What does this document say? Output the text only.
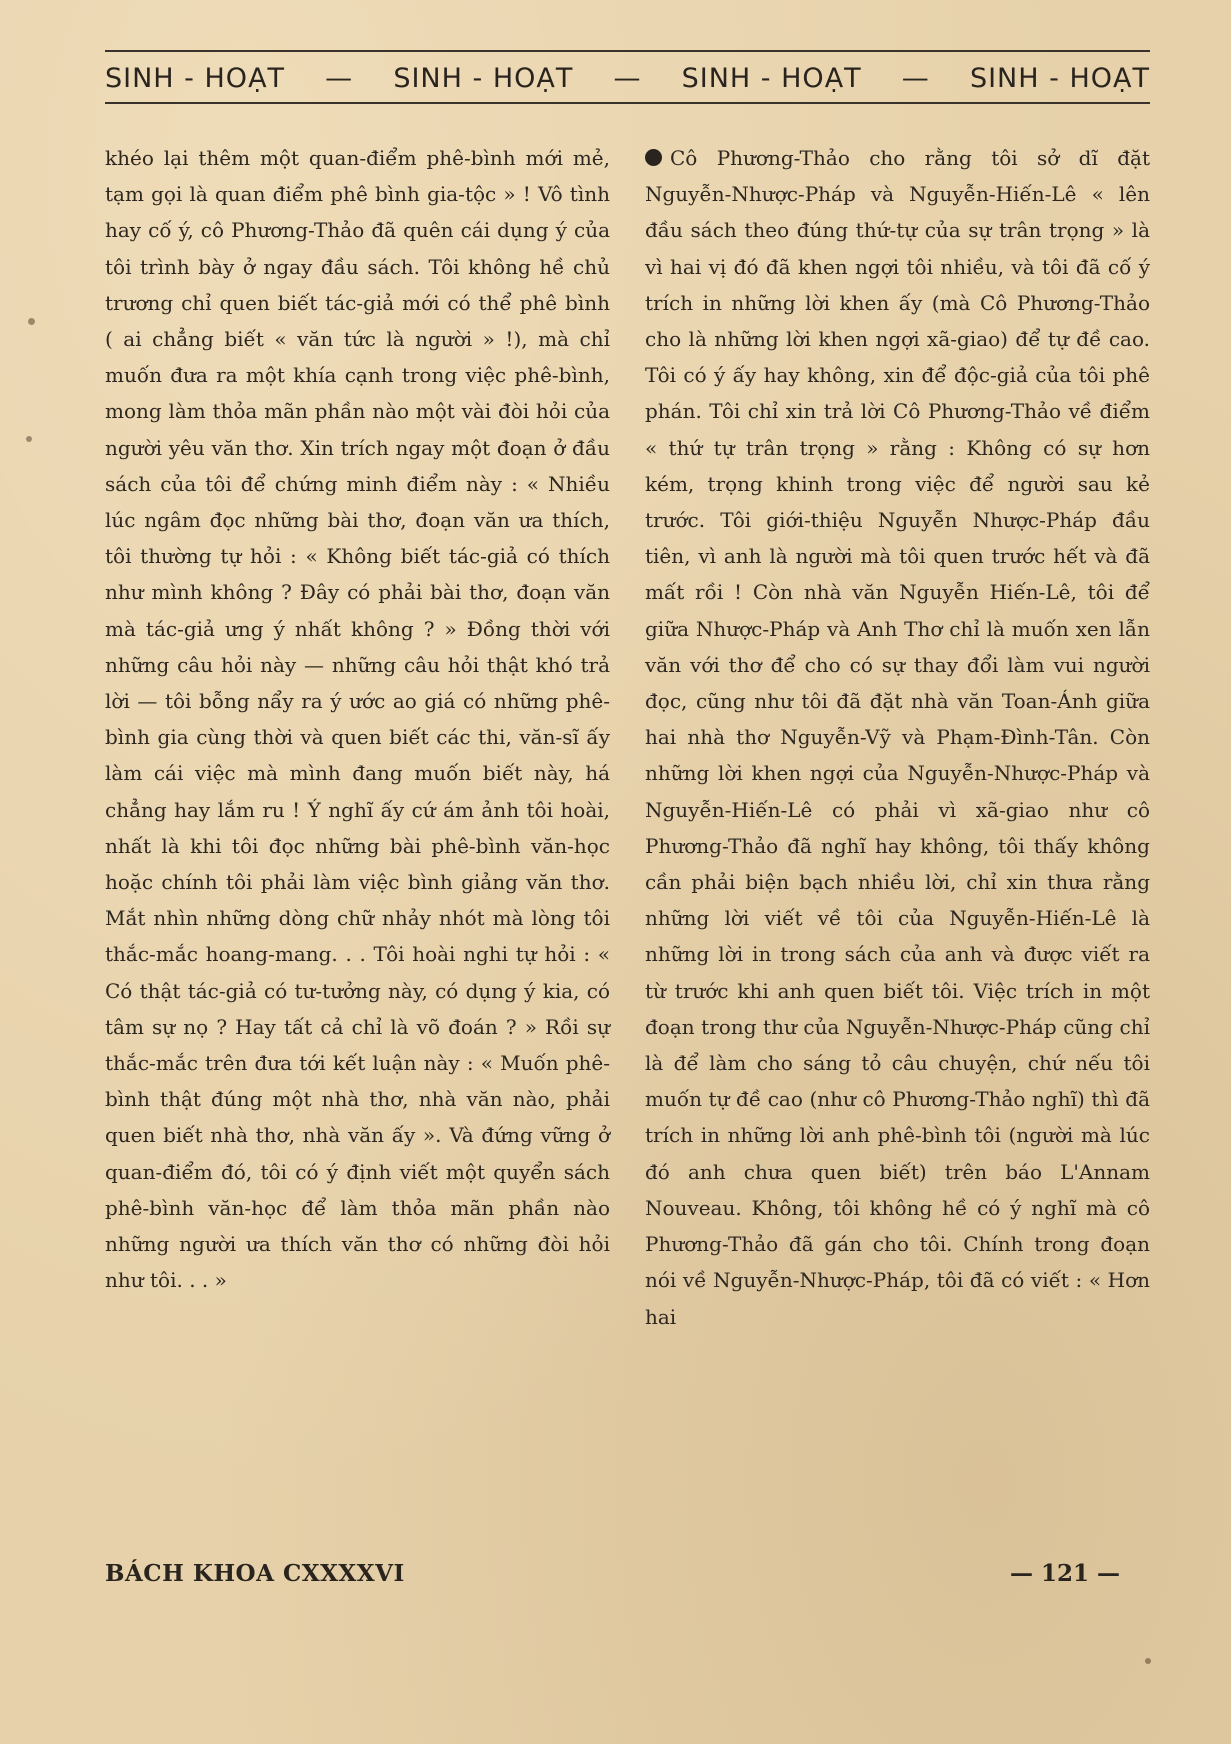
SINH - HOẠT — SINH - HOẠT — SINH - HOẠT — SINH - HOẠT

khéo lại thêm một quan-điểm phê-bình mới mẻ, tạm gọi là quan điểm phê bình gia-tộc » ! Vô tình hay cố ý, cô Phương-Thảo đã quên cái dụng ý của tôi trình bày ở ngay đầu sách. Tôi không hề chủ trương chỉ quen biết tác-giả mới có thể phê bình ( ai chẳng biết « văn tức là người » !), mà chỉ muốn đưa ra một khía cạnh trong việc phê-bình, mong làm thỏa mãn phần nào một vài đòi hỏi của người yêu văn thơ. Xin trích ngay một đoạn ở đầu sách của tôi để chứng minh điểm này : « Nhiều lúc ngâm đọc những bài thơ, đoạn văn ưa thích, tôi thường tự hỏi : « Không biết tác-giả có thích như mình không ? Đây có phải bài thơ, đoạn văn mà tác-giả ưng ý nhất không ? » Đồng thời với những câu hỏi này — những câu hỏi thật khó trả lời — tôi bỗng nẩy ra ý ước ao giá có những phê-bình gia cùng thời và quen biết các thi, văn-sĩ ấy làm cái việc mà mình đang muốn biết này, há chẳng hay lắm ru ! Ý nghĩ ấy cứ ám ảnh tôi hoài, nhất là khi tôi đọc những bài phê-bình văn-học hoặc chính tôi phải làm việc bình giảng văn thơ. Mắt nhìn những dòng chữ nhảy nhót mà lòng tôi thắc-mắc hoang-mang. . . Tôi hoài nghi tự hỏi : « Có thật tác-giả có tư-tưởng này, có dụng ý kia, có tâm sự nọ ? Hay tất cả chỉ là võ đoán ? » Rồi sự thắc-mắc trên đưa tới kết luận này : « Muốn phê-bình thật đúng một nhà thơ, nhà văn nào, phải quen biết nhà thơ, nhà văn ấy ». Và đứng vững ở quan-điểm đó, tôi có ý định viết một quyển sách phê-bình văn-học để làm thỏa mãn phần nào những người ưa thích văn thơ có những đòi hỏi như tôi. . . »

Cô Phương-Thảo cho rằng tôi sở dĩ đặt Nguyễn-Nhược-Pháp và Nguyễn-Hiến-Lê « lên đầu sách theo đúng thứ-tự của sự trân trọng » là vì hai vị đó đã khen ngợi tôi nhiều, và tôi đã cố ý trích in những lời khen ấy (mà Cô Phương-Thảo cho là những lời khen ngợi xã-giao) để tự đề cao. Tôi có ý ấy hay không, xin để độc-giả của tôi phê phán. Tôi chỉ xin trả lời Cô Phương-Thảo về điểm « thứ tự trân trọng » rằng : Không có sự hơn kém, trọng khinh trong việc để người sau kẻ trước. Tôi giới-thiệu Nguyễn Nhược-Pháp đầu tiên, vì anh là người mà tôi quen trước hết và đã mất rồi ! Còn nhà văn Nguyễn Hiến-Lê, tôi để giữa Nhược-Pháp và Anh Thơ chỉ là muốn xen lẫn văn với thơ để cho có sự thay đổi làm vui người đọc, cũng như tôi đã đặt nhà văn Toan-Ánh giữa hai nhà thơ Nguyễn-Vỹ và Phạm-Đình-Tân. Còn những lời khen ngợi của Nguyễn-Nhược-Pháp và Nguyễn-Hiến-Lê có phải vì xã-giao như cô Phương-Thảo đã nghĩ hay không, tôi thấy không cần phải biện bạch nhiều lời, chỉ xin thưa rằng những lời viết về tôi của Nguyễn-Hiến-Lê là những lời in trong sách của anh và được viết ra từ trước khi anh quen biết tôi. Việc trích in một đoạn trong thư của Nguyễn-Nhược-Pháp cũng chỉ là để làm cho sáng tỏ câu chuyện, chứ nếu tôi muốn tự đề cao (như cô Phương-Thảo nghĩ) thì đã trích in những lời anh phê-bình tôi (người mà lúc đó anh chưa quen biết) trên báo L'Annam Nouveau. Không, tôi không hề có ý nghĩ mà cô Phương-Thảo đã gán cho tôi. Chính trong đoạn nói về Nguyễn-Nhược-Pháp, tôi đã có viết : « Hơn hai

BÁCH KHOA CXXXXVI	— 121 —
